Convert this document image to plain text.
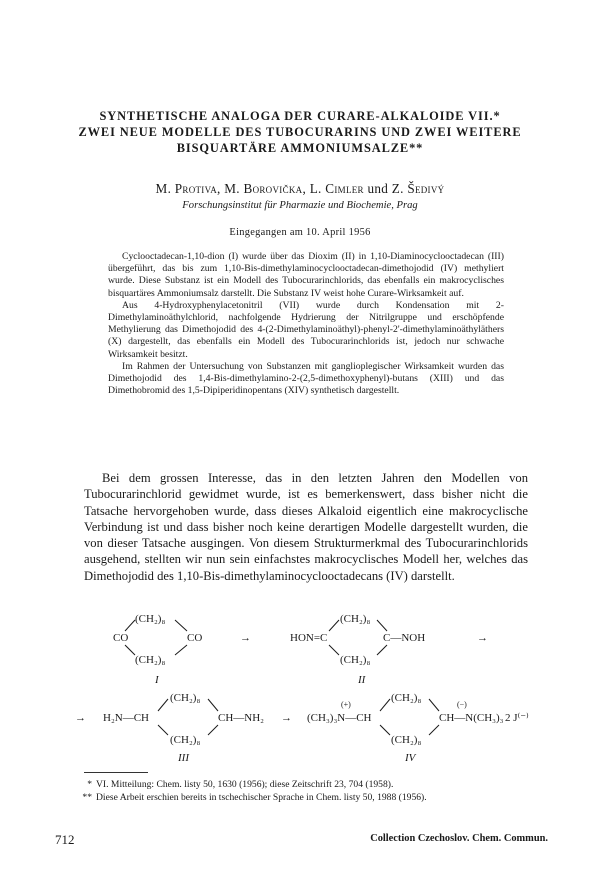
SYNTHETISCHE ANALOGA DER CURARE-ALKALOIDE VII.*
ZWEI NEUE MODELLE DES TUBOCURARINS UND ZWEI WEITERE
BISQUARTÄRE AMMONIUMSALZE**
M. Protiva, M. Borovička, L. Cimler und Z. Šedivý
Forschungsinstitut für Pharmazie und Biochemie, Prag
Eingegangen am 10. April 1956

Cyclooctadecan-1,10-dion (I) wurde über das Dioxim (II) in 1,10-Diaminocyclooctadecan (III) übergeführt, das bis zum 1,10-Bis-dimethylaminocyclooctadecan-dimethojodid (IV) methyliert wurde. Diese Substanz ist ein Modell des Tubocurarinchlorids, das ebenfalls ein makrocyclisches bisquartäres Ammoniumsalz darstellt. Die Substanz IV weist hohe Curare-Wirksamkeit auf.

Aus 4-Hydroxyphenylacetonitril (VII) wurde durch Kondensation mit 2-Dimethylaminoäthylchlorid, nachfolgende Hydrierung der Nitrilgruppe und erschöpfende Methylierung das Dimethojodid des 4-(2-Dimethylaminoäthyl)-phenyl-2'-dimethylaminoäthyläthers (X) dargestellt, das ebenfalls ein Modell des Tubocurarinchlorids ist, jedoch nur schwache Wirksamkeit besitzt.

Im Rahmen der Untersuchung von Substanzen mit ganglioplegischer Wirksamkeit wurden das Dimethojodid des 1,4-Bis-dimethylamino-2-(2,5-dimethoxyphenyl)-butans (XIII) und das Dimethobromid des 1,5-Dipiperidinopentans (XIV) synthetisch dargestellt.

Bei dem grossen Interesse, das in den letzten Jahren den Modellen von Tubocurarinchlorid gewidmet wurde, ist es bemerkenswert, dass bisher nicht die Tatsache hervorgehoben wurde, dass dieses Alkaloid eigentlich eine makrocyclische Verbindung ist und dass bisher noch keine derartigen Modelle dargestellt wurden, die von dieser Tatsache ausgingen. Von diesem Strukturmerkmal des Tubocurarinchlorids ausgehend, stellten wir nun sein einfachstes makrocyclisches Modell her, welches das Dimethojodid des 1,10-Bis-dimethylaminocyclooctadecans (IV) darstellt.

CO
(CH₂)₈
(CH₂)₈
CO
I
→	HON=C
(CH₂)₈
(CH₂)₈
C—NOH
II
→
→ H₂N—CH
(CH₂)₈
(CH₂)₈
CH—NH₂
III
→ (CH₃)₃N—CH
(+)
(CH₂)₈
(CH₂)₈
CH—N(CH₃)₃
(−)
2 J⁽⁻⁾
IV

* VI. Mitteilung: Chem. listy 50, 1630 (1956); diese Zeitschrift 23, 704 (1958).

** Diese Arbeit erschien bereits in tschechischer Sprache in Chem. listy 50, 1988 (1956).

712	Collection Czechoslov. Chem. Commun.
